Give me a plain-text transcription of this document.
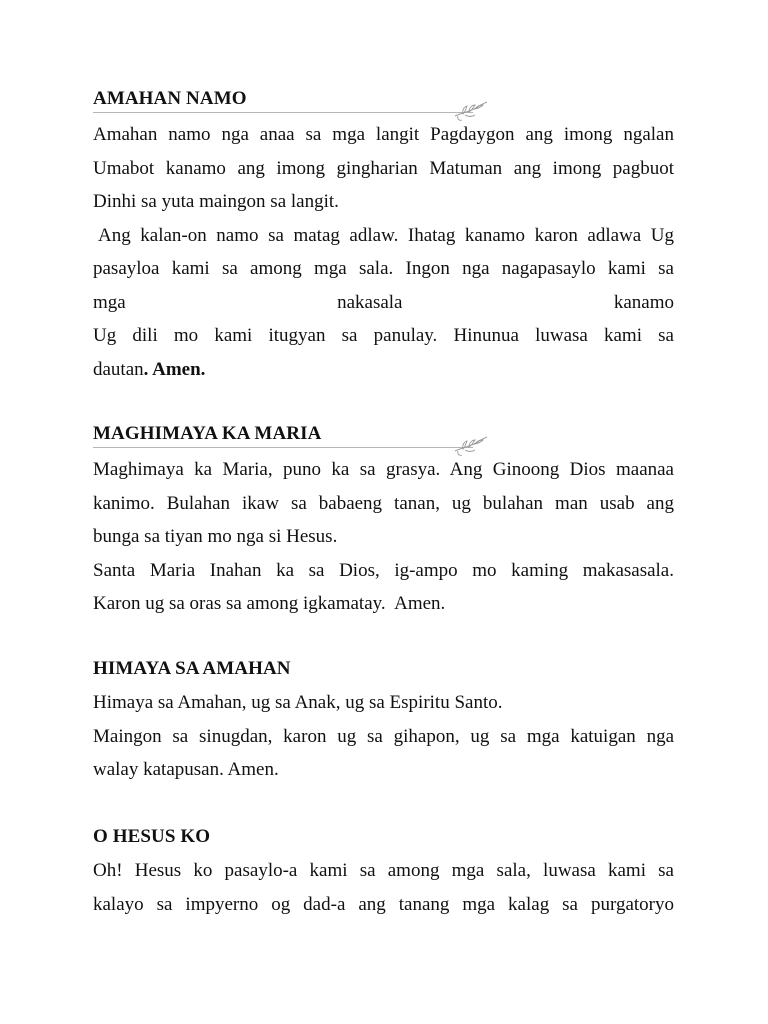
AMAHAN NAMO
Amahan namo nga anaa sa mga langit Pagdaygon ang imong ngalan
Umabot kanamo ang imong gingharian Matuman ang imong pagbuot
Dinhi sa yuta maingon sa langit.
Ang kalan-on namo sa matag adlaw. Ihatag kanamo karon adlawa Ug
pasayloa kami sa among mga sala. Ingon nga nagapasaylo kami sa
mga	nakasala	kanamo
Ug dili mo kami itugyan sa panulay. Hinunua luwasa kami sa
dautan. Amen.
MAGHIMAYA KA MARIA
Maghimaya ka Maria, puno ka sa grasya. Ang Ginoong Dios maanaa
kanimo. Bulahan ikaw sa babaeng tanan, ug bulahan man usab ang
bunga sa tiyan mo nga si Hesus.
Santa Maria Inahan ka sa Dios, ig-ampo mo kaming makasasala.
Karon ug sa oras sa among igkamatay.  Amen.
HIMAYA SA AMAHAN
Himaya sa Amahan, ug sa Anak, ug sa Espiritu Santo.
Maingon sa sinugdan, karon ug sa gihapon, ug sa mga katuigan nga
walay katapusan. Amen.
O HESUS KO
Oh! Hesus ko pasaylo-a kami sa among mga sala, luwasa kami sa
kalayo sa impyerno og dad-a ang tanang mga kalag sa purgatoryo
